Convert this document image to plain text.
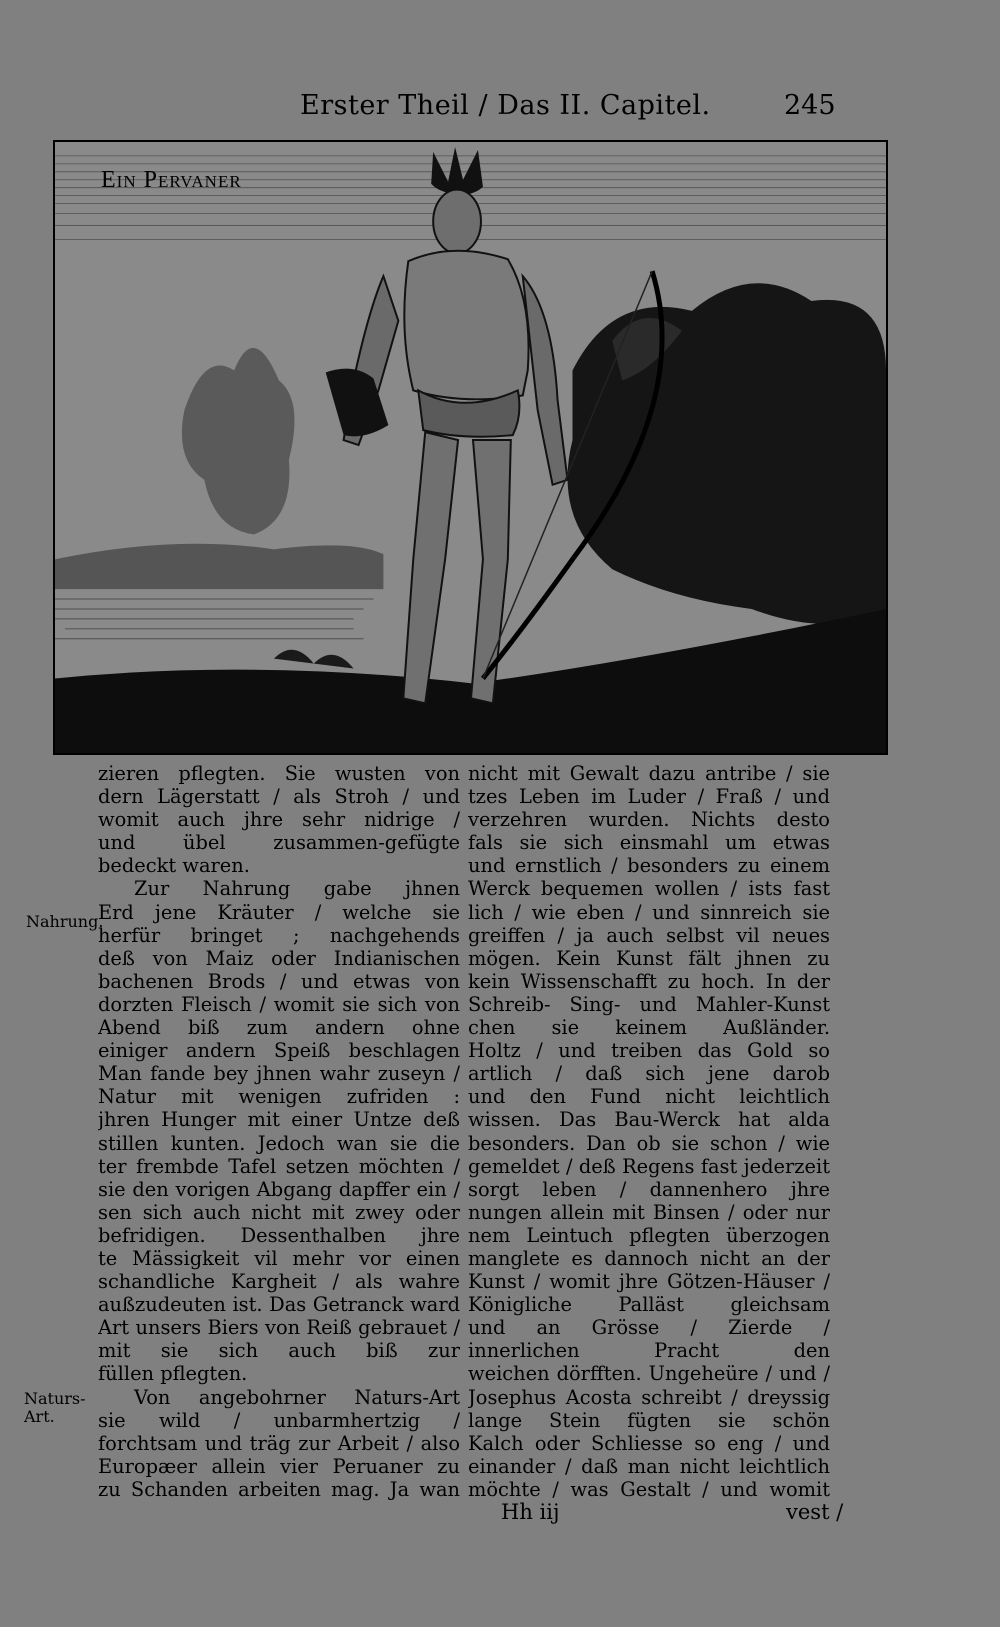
Erster Theil / Das II. Capitel.	245
Ein Pervaner
Nahrung.
Naturs-Art.
zieren pflegten. Sie wusten von
dern Lägerstatt / als Stroh / und
womit auch jhre sehr nidrige /
und übel zusammen-gefügte
bedeckt waren.
Zur Nahrung gabe jhnen
Erd jene Kräuter / welche sie
herfür bringet ; nachgehends
deß von Maiz oder Indianischen
bachenen Brods / und etwas von
dorzten Fleisch / womit sie sich von
Abend biß zum andern ohne
einiger andern Speiß beschlagen
Man fande bey jhnen wahr zuseyn /
Natur mit wenigen zufriden :
jhren Hunger mit einer Untze deß
stillen kunten. Jedoch wan sie die
ter frembde Tafel setzen möchten /
sie den vorigen Abgang dapffer ein /
sen sich auch nicht mit zwey oder
befridigen. Dessenthalben jhre
te Mässigkeit vil mehr vor einen
schandliche Kargheit / als wahre
außzudeuten ist. Das Getranck ward
Art unsers Biers von Reiß gebrauet /
mit sie sich auch biß zur
füllen pflegten.
Von angebohrner Naturs-Art
sie wild / unbarmhertzig /
forchtsam und träg zur Arbeit / also
Europæer allein vier Peruaner zu
zu Schanden arbeiten mag. Ja wan
nicht mit Gewalt dazu antribe / sie
tzes Leben im Luder / Fraß / und
verzehren wurden. Nichts desto
fals sie sich einsmahl um etwas
und ernstlich / besonders zu einem
Werck bequemen wollen / ists fast
lich / wie eben / und sinnreich sie
greiffen / ja auch selbst vil neues
mögen. Kein Kunst fält jhnen zu
kein Wissenschafft zu hoch. In der
Schreib- Sing- und Mahler-Kunst
chen sie keinem Außländer.
Holtz / und treiben das Gold so
artlich / daß sich jene darob
und den Fund nicht leichtlich
wissen. Das Bau-Werck hat alda
besonders. Dan ob sie schon / wie
gemeldet / deß Regens fast jederzeit
sorgt leben / dannenhero jhre
nungen allein mit Binsen / oder nur
nem Leintuch pflegten überzogen
manglete es dannoch nicht an der
Kunst / womit jhre Götzen-Häuser /
Königliche Palläst gleichsam
und an Grösse / Zierde /
innerlichen Pracht den
weichen dörfften. Ungeheüre / und /
Josephus Acosta schreibt / dreyssig
lange Stein fügten sie schön
Kalch oder Schliesse so eng / und
einander / daß man nicht leichtlich
möchte / was Gestalt / und womit
Hh iij	vest /
